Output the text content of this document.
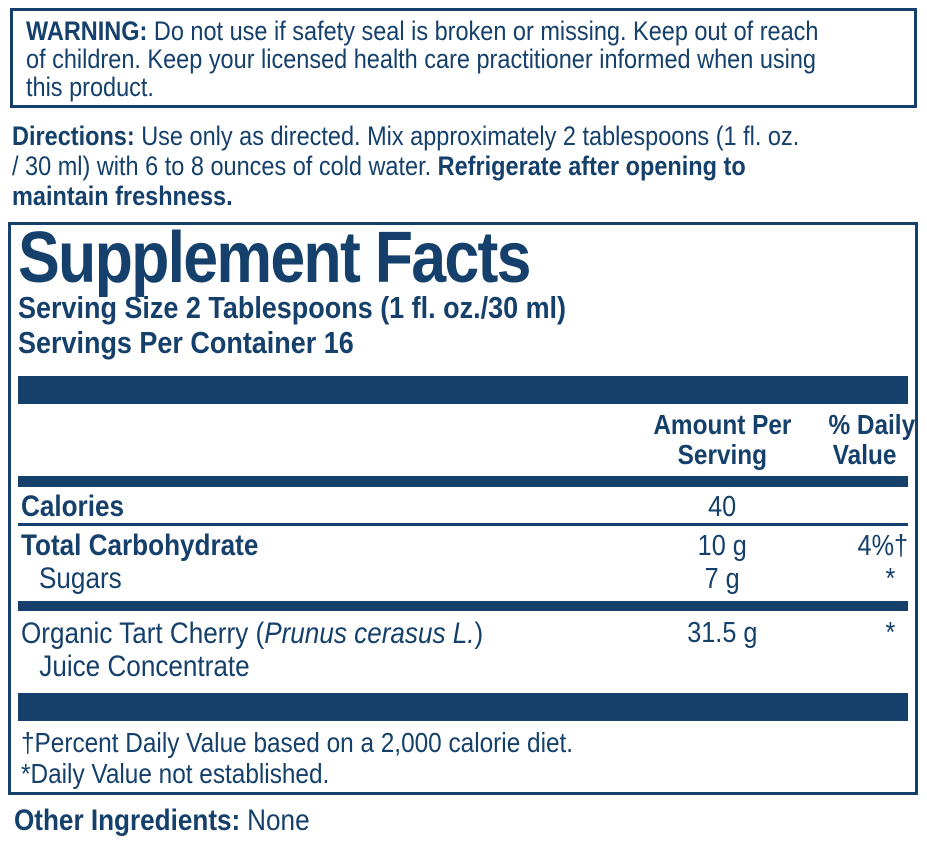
WARNING: Do not use if safety seal is broken or missing. Keep out of reach
of children. Keep your licensed health care practitioner informed when using
this product.
Directions: Use only as directed. Mix approximately 2 tablespoons (1 fl. oz.
/ 30 ml) with 6 to 8 ounces of cold water. Refrigerate after opening to
maintain freshness.
Supplement Facts
Serving Size 2 Tablespoons (1 fl. oz./30 ml)
Servings Per Container 16
Amount Per
Serving
% Daily
Value
Calories	40
Total Carbohydrate	10 g	4%†
Sugars	7 g	*
Organic Tart Cherry (Prunus cerasus L.)
Juice Concentrate
31.5 g	*
†Percent Daily Value based on a 2,000 calorie diet.
*Daily Value not established.
Other Ingredients: None
